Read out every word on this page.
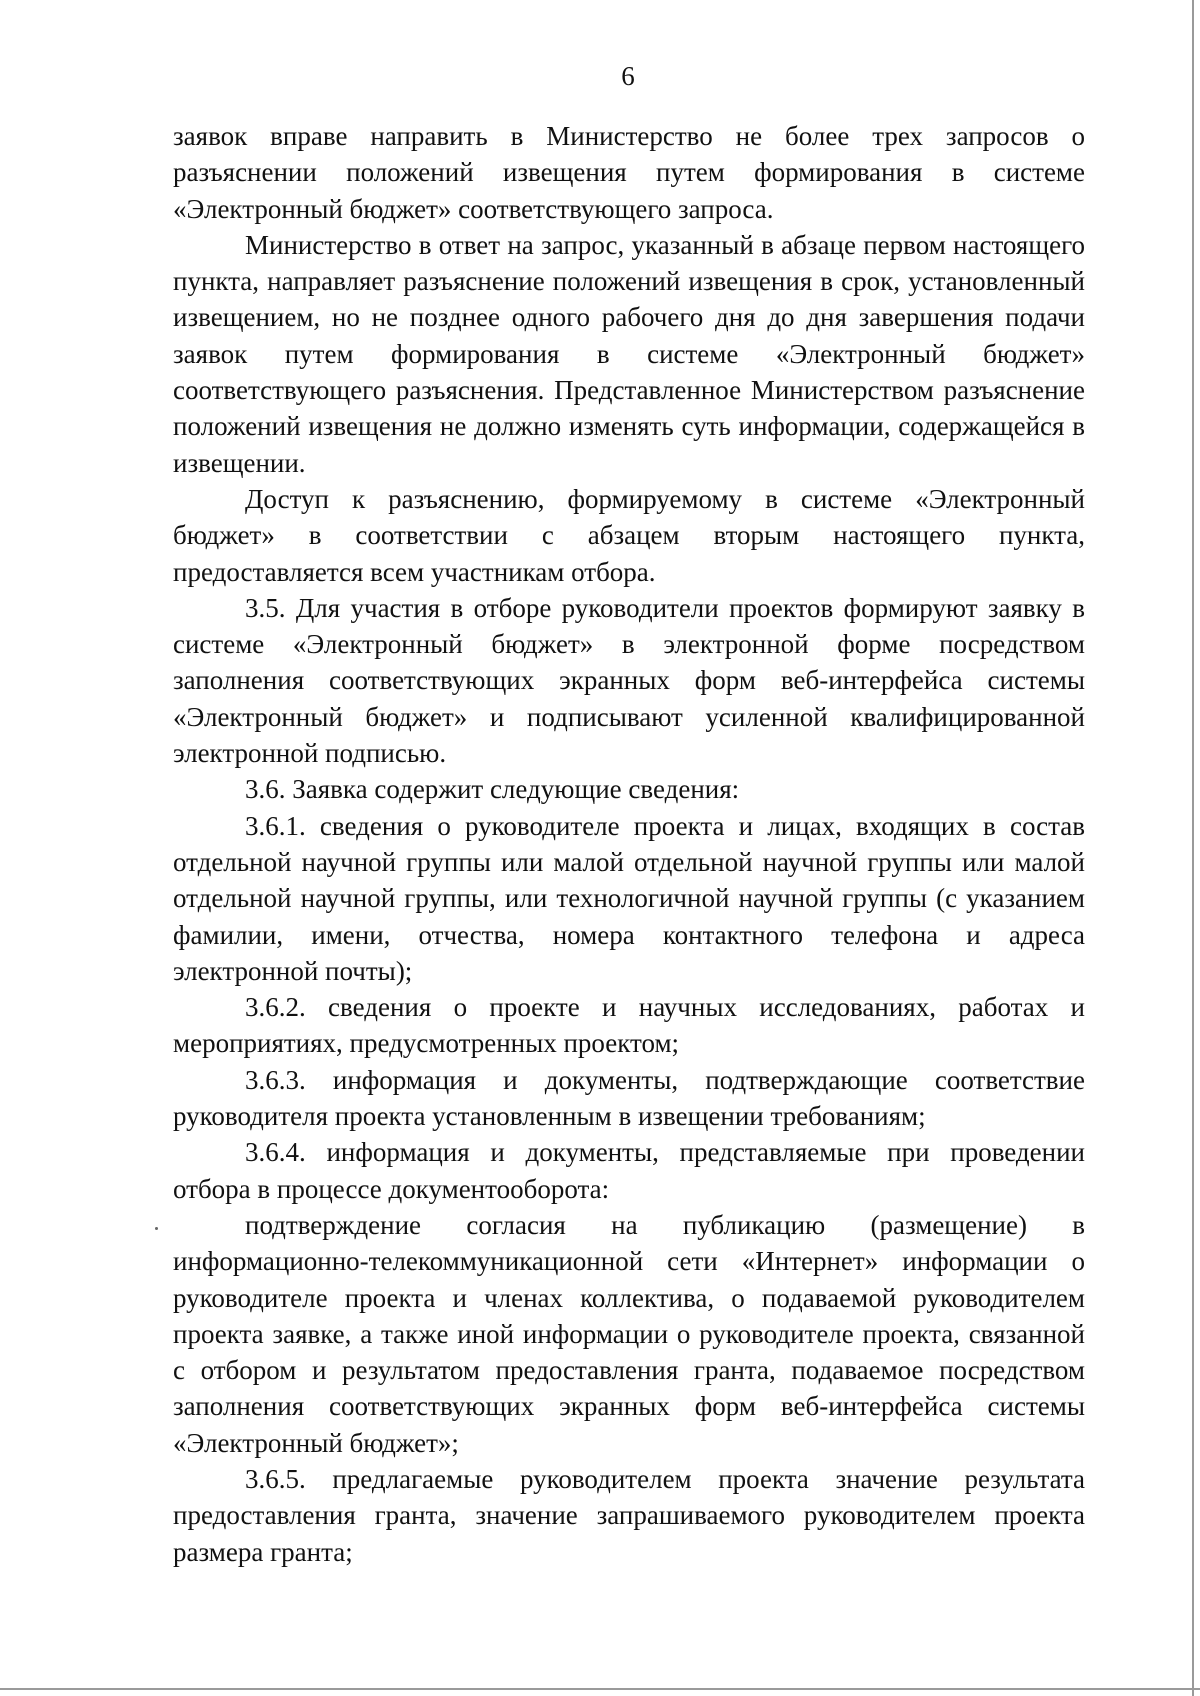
6

заявок вправе направить в Министерство не более трех запросов о разъяснении положений извещения путем формирования в системе «Электронный бюджет» соответствующего запроса.

Министерство в ответ на запрос, указанный в абзаце первом настоящего пункта, направляет разъяснение положений извещения в срок, установленный извещением, но не позднее одного рабочего дня до дня завершения подачи заявок путем формирования в системе «Электронный бюджет» соответствующего разъяснения. Представленное Министерством разъяснение положений извещения не должно изменять суть информации, содержащейся в извещении.

Доступ к разъяснению, формируемому в системе «Электронный бюджет» в соответствии с абзацем вторым настоящего пункта, предоставляется всем участникам отбора.

3.5. Для участия в отборе руководители проектов формируют заявку в системе «Электронный бюджет» в электронной форме посредством заполнения соответствующих экранных форм веб-интерфейса системы «Электронный бюджет» и подписывают усиленной квалифицированной электронной подписью.

3.6. Заявка содержит следующие сведения:

3.6.1. сведения о руководителе проекта и лицах, входящих в состав отдельной научной группы или малой отдельной научной группы или малой отдельной научной группы, или технологичной научной группы (с указанием фамилии, имени, отчества, номера контактного телефона и адреса электронной почты);

3.6.2. сведения о проекте и научных исследованиях, работах и мероприятиях, предусмотренных проектом;

3.6.3. информация и документы, подтверждающие соответствие руководителя проекта установленным в извещении требованиям;

3.6.4. информация и документы, представляемые при проведении отбора в процессе документооборота:

подтверждение согласия на публикацию (размещение) в информационно-телекоммуникационной сети «Интернет» информации о руководителе проекта и членах коллектива, о подаваемой руководителем проекта заявке, а также иной информации о руководителе проекта, связанной с отбором и результатом предоставления гранта, подаваемое посредством заполнения соответствующих экранных форм веб-интерфейса системы «Электронный бюджет»;

3.6.5. предлагаемые руководителем проекта значение результата предоставления гранта, значение запрашиваемого руководителем проекта размера гранта;
